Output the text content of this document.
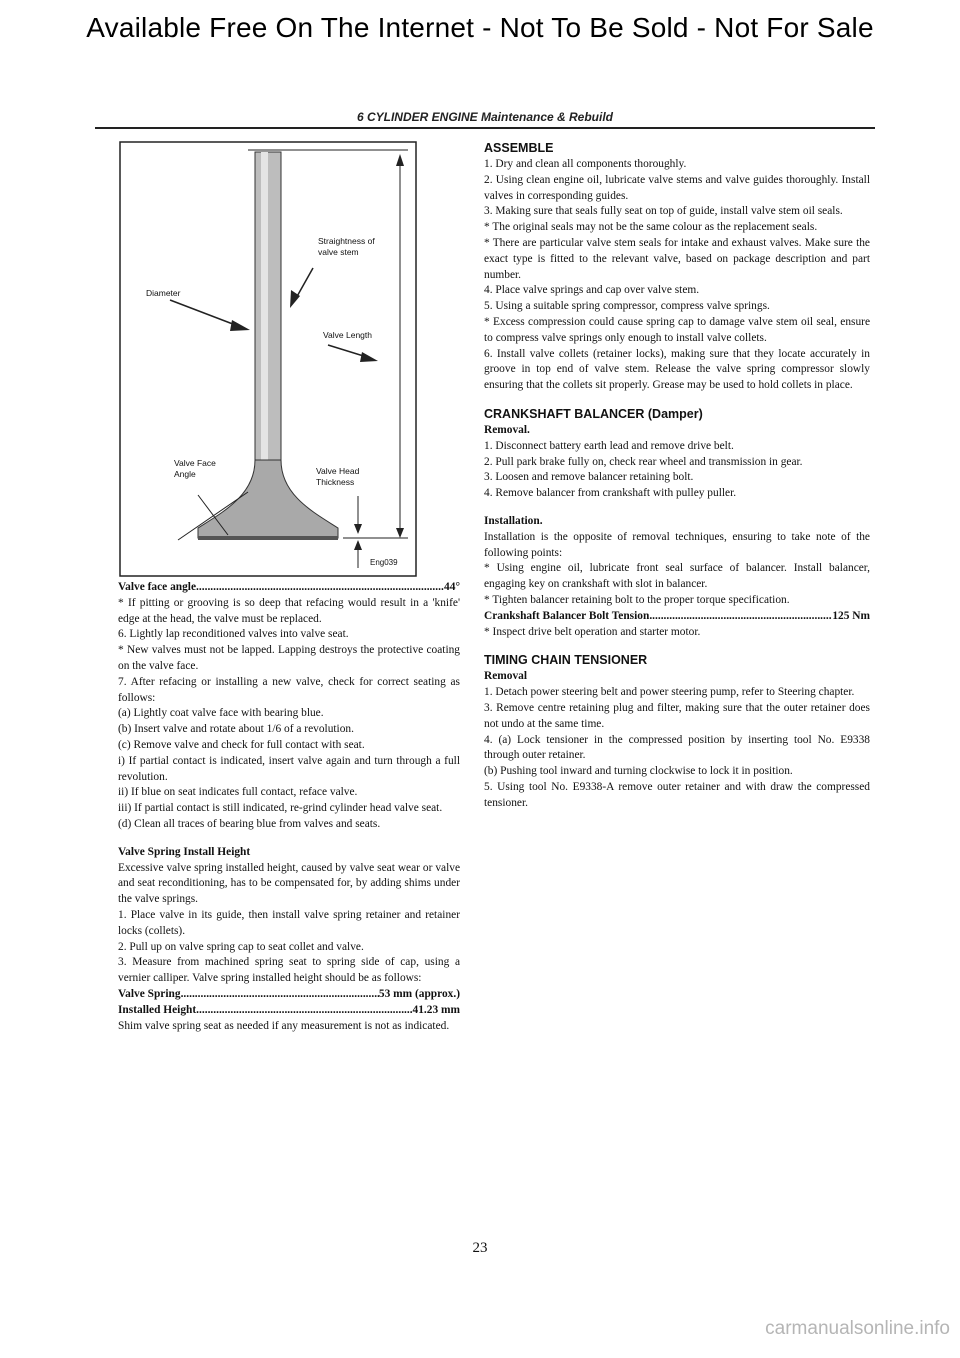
Available Free On The Internet - Not To Be Sold - Not For Sale
6 CYLINDER ENGINE Maintenance & Rebuild
Straightness of valve stem
Diameter
Valve Length
Valve Face Angle	Valve Head Thickness
Eng039
Valve face angle .....	44°

* If pitting or grooving is so deep that refacing would result in a 'knife' edge at the head, the valve must be replaced.

6. Lightly lap reconditioned valves into valve seat.

* New valves must not be lapped. Lapping destroys the protective coating on the valve face.

7. After refacing or installing a new valve, check for correct seating as follows:

(a) Lightly coat valve face with bearing blue.

(b) Insert valve and rotate about 1/6 of a revolution.

(c) Remove valve and check for full contact with seat.

i) If partial contact is indicated, insert valve again and turn through a full revolution.

ii) If blue on seat indicates full contact, reface valve.

iii) If partial contact is still indicated, re-grind cylinder head valve seat.

(d) Clean all traces of bearing blue from valves and seats.

Valve Spring Install Height

Excessive valve spring installed height, caused by valve seat wear or valve and seat reconditioning, has to be compensated for, by adding shims under the valve springs.

1. Place valve in its guide, then install valve spring retainer and retainer locks (collets).

2. Pull up on valve spring cap to seat collet and valve.

3. Measure from machined spring seat to spring side of cap, using a vernier calliper. Valve spring installed height should be as follows:

Valve Spring .....	53 mm (approx.)
Installed Height .....	41.23 mm

Shim valve spring seat as needed if any measurement is not as indicated.

ASSEMBLE

1. Dry and clean all components thoroughly.

2. Using clean engine oil, lubricate valve stems and valve guides thoroughly. Install valves in corresponding guides.

3. Making sure that seals fully seat on top of guide, install valve stem oil seals.

* The original seals may not be the same colour as the replacement seals.

* There are particular valve stem seals for intake and exhaust valves. Make sure the exact type is fitted to the relevant valve, based on package description and part number.

4. Place valve springs and cap over valve stem.

5. Using a suitable spring compressor, compress valve springs.

* Excess compression could cause spring cap to damage valve stem oil seal, ensure to compress valve springs only enough to install valve collets.

6. Install valve collets (retainer locks), making sure that they locate accurately in groove in top end of valve stem. Release the valve spring compressor slowly ensuring that the collets sit properly. Grease may be used to hold collets in place.

CRANKSHAFT BALANCER (Damper)

Removal.

1. Disconnect battery earth lead and remove drive belt.

2. Pull park brake fully on, check rear wheel and transmission in gear.

3. Loosen and remove balancer retaining bolt.

4. Remove balancer from crankshaft with pulley puller.

Installation.

Installation is the opposite of removal techniques, ensuring to take note of the following points:

* Using engine oil, lubricate front seal surface of balancer. Install balancer, engaging key on crankshaft with slot in balancer.

* Tighten balancer retaining bolt to the proper torque specification.

Crankshaft Balancer Bolt Tension .....	125 Nm

* Inspect drive belt operation and starter motor.

TIMING CHAIN TENSIONER

Removal

1. Detach power steering belt and power steering pump, refer to Steering chapter.

3. Remove centre retaining plug and filter, making sure that the outer retainer does not undo at the same time.

4. (a) Lock tensioner in the compressed position by inserting tool No. E9338 through outer retainer.

(b) Pushing tool inward and turning clockwise to lock it in position.

5. Using tool No. E9338-A remove outer retainer and with draw the compressed tensioner.

23
carmanualsonline.info
